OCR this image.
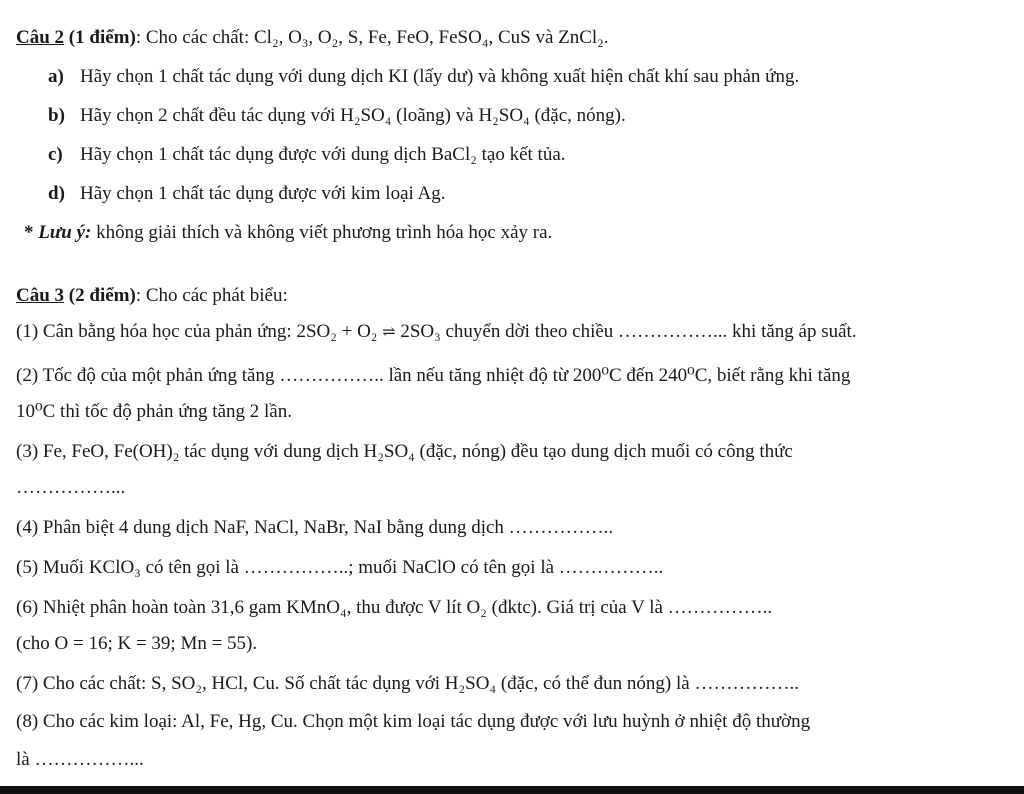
Câu 2 (1 điểm): Cho các chất: Cl₂, O₃, O₂, S, Fe, FeO, FeSO₄, CuS và ZnCl₂.
a) Hãy chọn 1 chất tác dụng với dung dịch KI (lấy dư) và không xuất hiện chất khí sau phản ứng.
b) Hãy chọn 2 chất đều tác dụng với H₂SO₄ (loãng) và H₂SO₄ (đặc, nóng).
c) Hãy chọn 1 chất tác dụng được với dung dịch BaCl₂ tạo kết tủa.
d) Hãy chọn 1 chất tác dụng được với kim loại Ag.
* Lưu ý: không giải thích và không viết phương trình hóa học xảy ra.
Câu 3 (2 điểm): Cho các phát biểu:
(1) Cân bằng hóa học của phản ứng: 2SO₂ + O₂ ⇌ 2SO₃ chuyển dời theo chiều ……………... khi tăng áp suất.
(2) Tốc độ của một phản ứng tăng …………….. lần nếu tăng nhiệt độ từ 200⁰C đến 240⁰C, biết rằng khi tăng
10⁰C thì tốc độ phản ứng tăng 2 lần.
(3) Fe, FeO, Fe(OH)₂ tác dụng với dung dịch H₂SO₄ (đặc, nóng) đều tạo dung dịch muối có công thức
……………...
(4) Phân biệt 4 dung dịch NaF, NaCl, NaBr, NaI bằng dung dịch ……………..
(5) Muối KClO₃ có tên gọi là ……………..; muối NaClO có tên gọi là ……………..
(6) Nhiệt phân hoàn toàn 31,6 gam KMnO₄, thu được V lít O₂ (đktc). Giá trị của V là ……………..
(cho O = 16; K = 39; Mn = 55).
(7) Cho các chất: S, SO₂, HCl, Cu. Số chất tác dụng với H₂SO₄ (đặc, có thể đun nóng) là ……………..
(8) Cho các kim loại: Al, Fe, Hg, Cu. Chọn một kim loại tác dụng được với lưu huỳnh ở nhiệt độ thường
là ……………...
